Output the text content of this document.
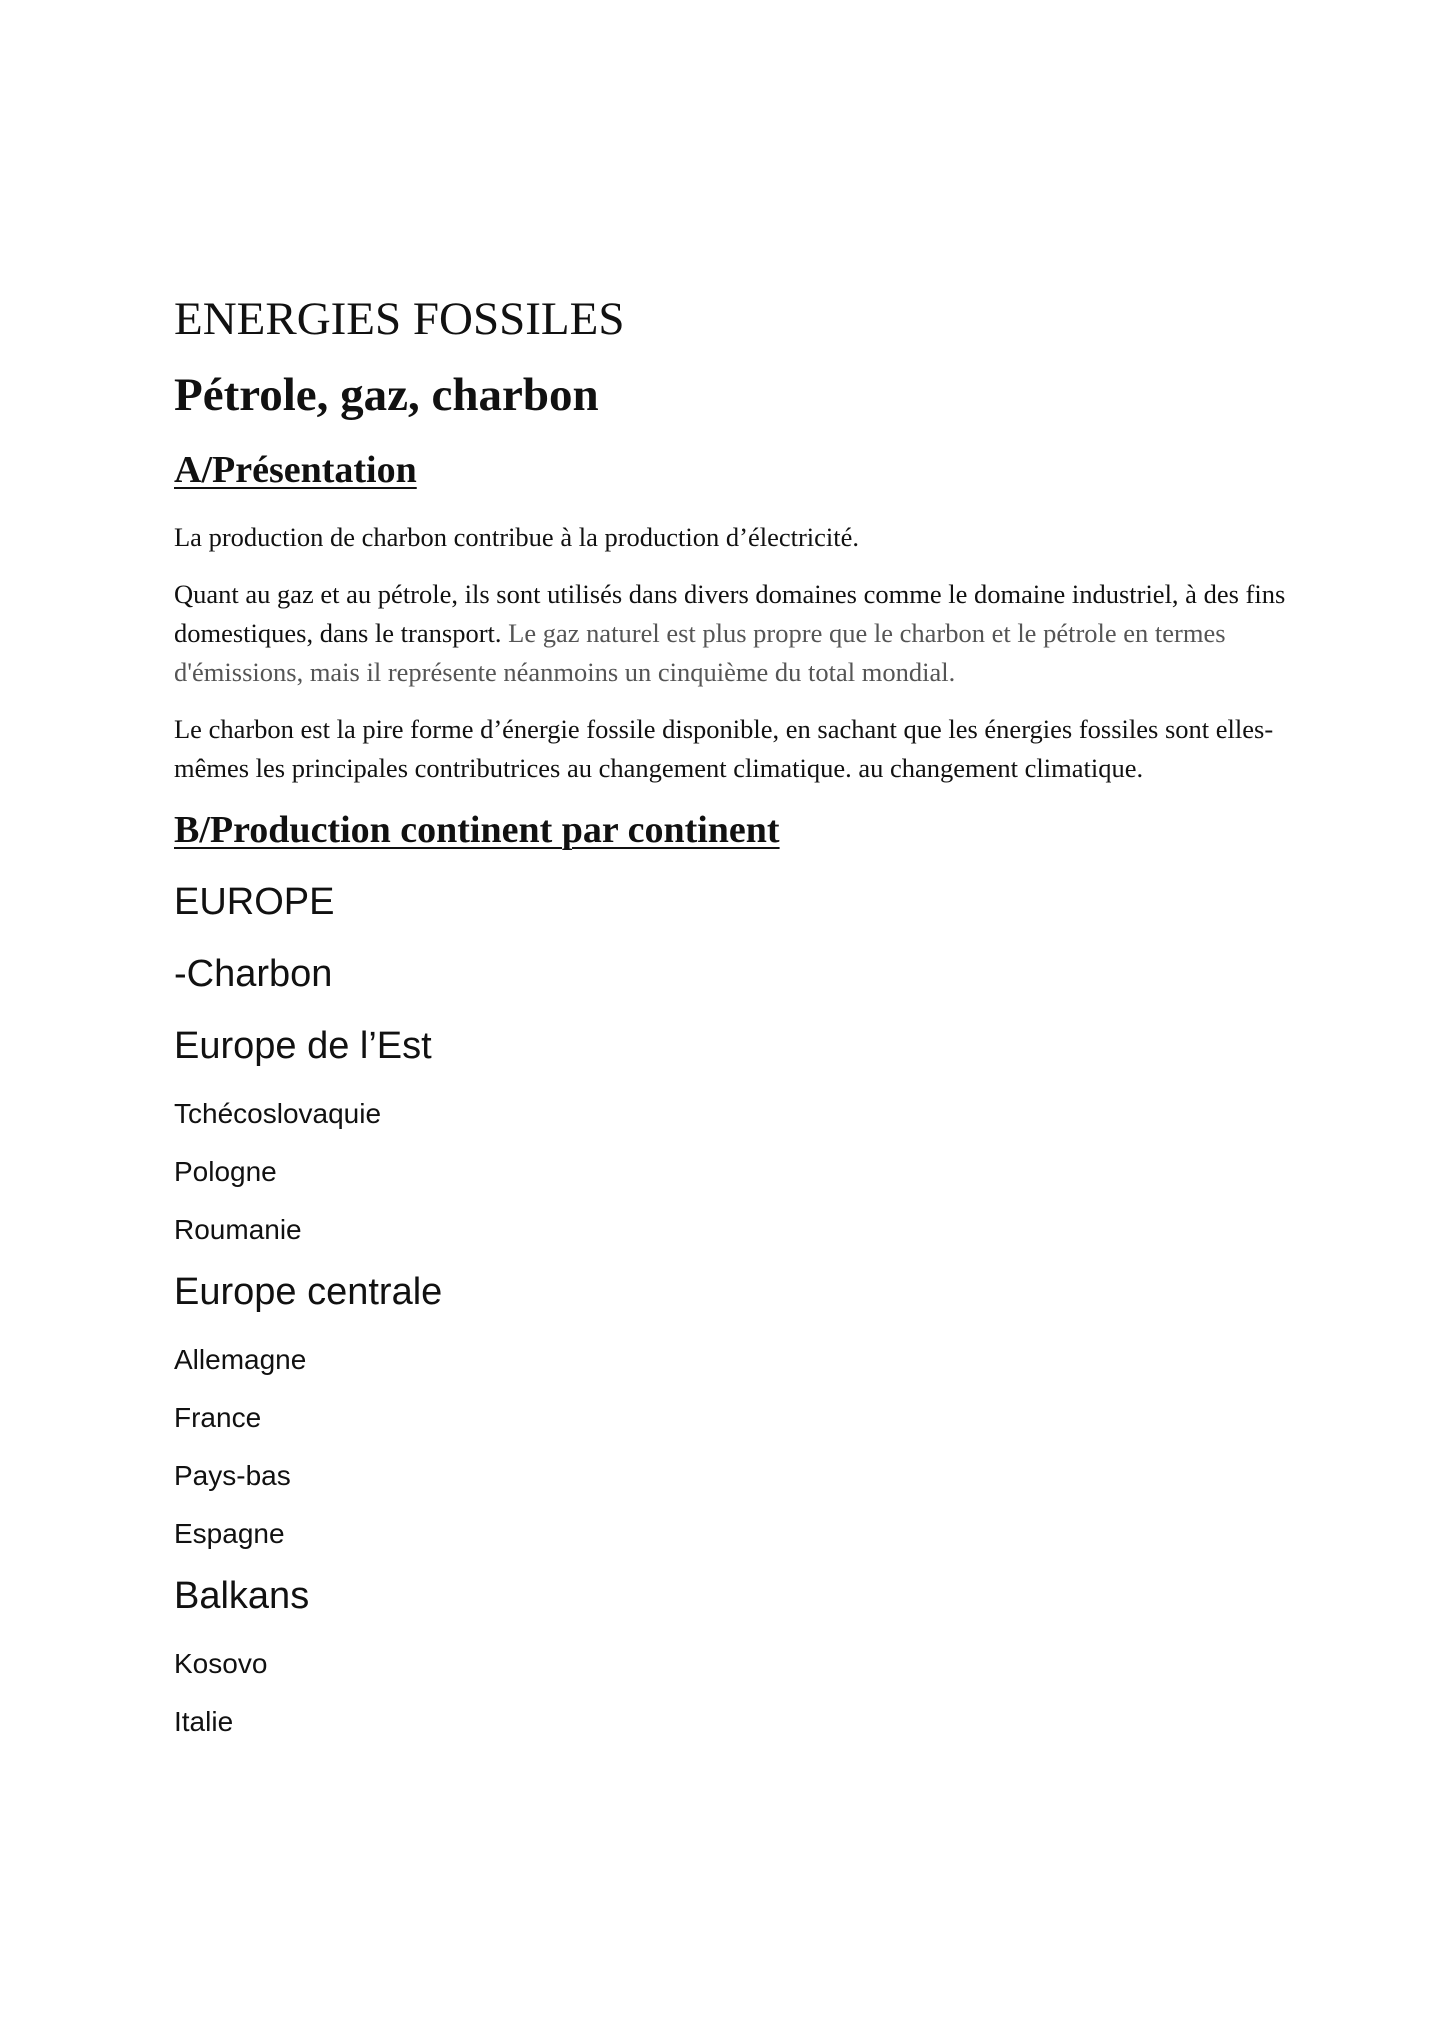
ENERGIES FOSSILES
Pétrole, gaz, charbon
A/Présentation

La production de charbon contribue à la production d’électricité.

Quant au gaz et au pétrole, ils sont utilisés dans divers domaines comme le domaine industriel, à des fins domestiques, dans le transport. Le gaz naturel est plus propre que le charbon et le pétrole en termes d'émissions, mais il représente néanmoins un cinquième du total mondial.

Le charbon est la pire forme d’énergie fossile disponible, en sachant que les énergies fossiles sont elles-mêmes les principales contributrices au changement climatique. au changement climatique.

B/Production continent par continent
EUROPE
-Charbon
Europe de l’Est
Tchécoslovaquie
Pologne
Roumanie
Europe centrale
Allemagne
France
Pays-bas
Espagne
Balkans
Kosovo
Italie
